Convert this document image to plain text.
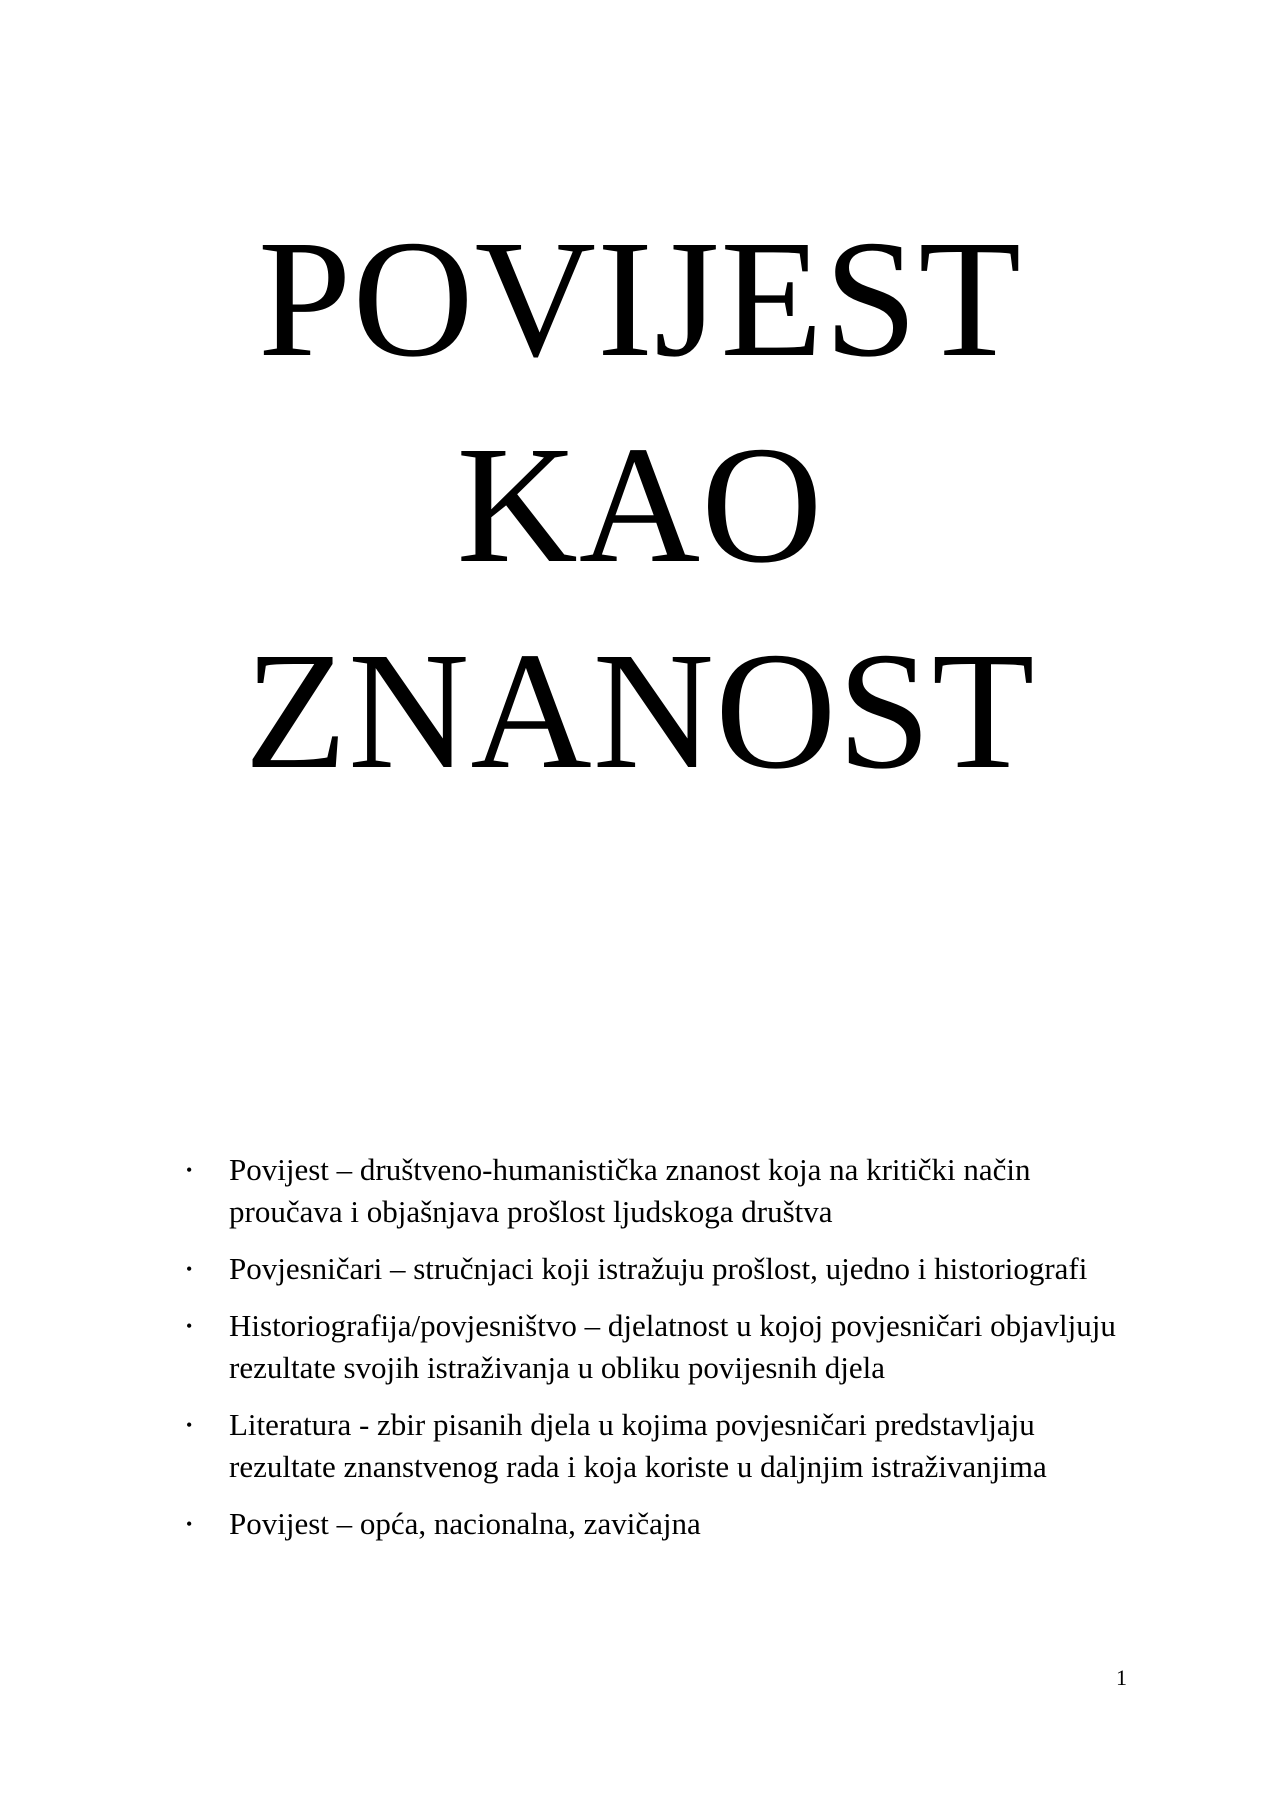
POVIJEST
KAO
ZNANOST
• Povijest – društveno-humanistička znanost koja na kritički način proučava i objašnjava prošlost ljudskoga društva
• Povjesničari – stručnjaci koji istražuju prošlost, ujedno i historiografi
• Historiografija/povjesništvo – djelatnost u kojoj povjesničari objavljuju rezultate svojih istraživanja u obliku povijesnih djela
• Literatura - zbir pisanih djela u kojima povjesničari predstavljaju rezultate znanstvenog rada i koja koriste u daljnjim istraživanjima
• Povijest – opća, nacionalna, zavičajna
1
